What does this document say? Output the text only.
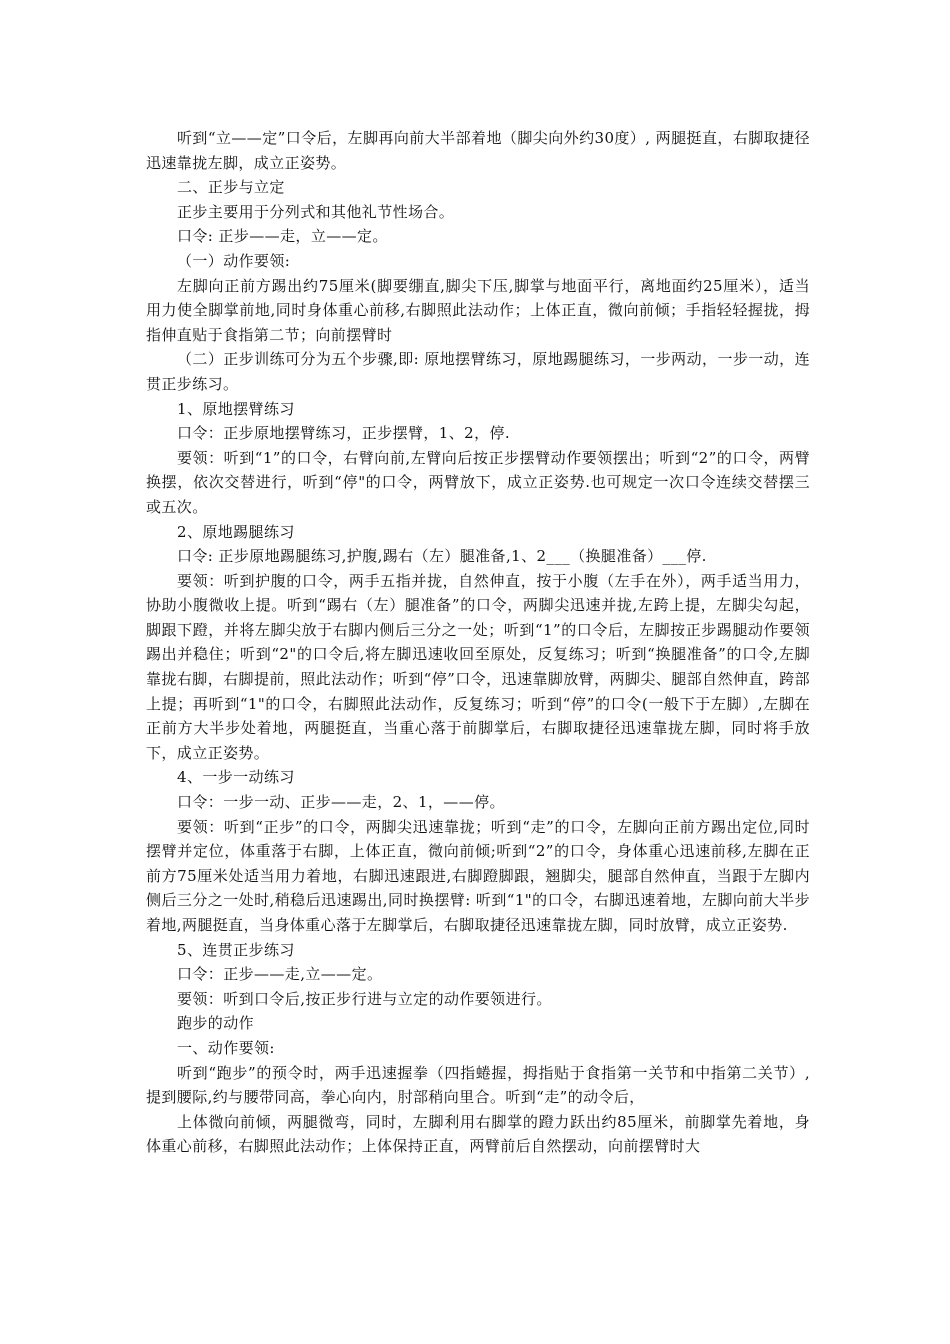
听到“立——定”口令后，左脚再向前大半部着地（脚尖向外约30度）, 两腿挺直，右脚取捷径迅速靠拢左脚，成立正姿势。

二、正步与立定

正步主要用于分列式和其他礼节性场合。

口令: 正步——走，立——定。

（一）动作要领:

左脚向正前方踢出约75厘米(脚要绷直,脚尖下压,脚掌与地面平行，离地面约25厘米），适当用力使全脚掌前地,同时身体重心前移,右脚照此法动作；上体正直，微向前倾；手指轻轻握拢，拇指伸直贴于食指第二节；向前摆臂时

（二）正步训练可分为五个步骤,即: 原地摆臂练习，原地踢腿练习，一步两动，一步一动，连贯正步练习。

1、原地摆臂练习

口令：正步原地摆臂练习，正步摆臂，1、2，停.

要领：听到“1”的口令，右臂向前,左臂向后按正步摆臂动作要领摆出；听到“2”的口令，两臂换摆，依次交替进行，听到“停"的口令，两臂放下，成立正姿势.也可规定一次口令连续交替摆三或五次。

2、原地踢腿练习

口令: 正步原地踢腿练习,护腹,踢右（左）腿准备,1、2___（换腿准备）___停.

要领：听到护腹的口令，两手五指并拢，自然伸直，按于小腹（左手在外），两手适当用力，协助小腹微收上提。听到“踢右（左）腿准备”的口令，两脚尖迅速并拢,左跨上提，左脚尖勾起，脚跟下蹬，并将左脚尖放于右脚内侧后三分之一处；听到“1”的口令后，左脚按正步踢腿动作要领踢出并稳住；听到“2"的口令后,将左脚迅速收回至原处，反复练习；听到“换腿准备”的口令,左脚靠拢右脚，右脚提前，照此法动作；听到“停”口令，迅速靠脚放臂，两脚尖、腿部自然伸直，跨部上提；再听到“1"的口令，右脚照此法动作，反复练习；听到“停”的口令(一般下于左脚）,左脚在正前方大半步处着地，两腿挺直，当重心落于前脚掌后，右脚取捷径迅速靠拢左脚，同时将手放下，成立正姿势。

4、一步一动练习

口令：一步一动、正步——走，2、1，——停。

要领：听到“正步”的口令，两脚尖迅速靠拢；听到“走”的口令，左脚向正前方踢出定位,同时摆臂并定位，体重落于右脚，上体正直，微向前倾;听到“2”的口令，身体重心迅速前移,左脚在正前方75厘米处适当用力着地，右脚迅速跟进,右脚蹬脚跟，翘脚尖，腿部自然伸直，当跟于左脚内侧后三分之一处时,稍稳后迅速踢出,同时换摆臂: 听到“1"的口令，右脚迅速着地，左脚向前大半步着地,两腿挺直，当身体重心落于左脚掌后，右脚取捷径迅速靠拢左脚，同时放臂，成立正姿势.

5、连贯正步练习

口令：正步——走,立——定。

要领：听到口令后,按正步行进与立定的动作要领进行。

跑步的动作

一、动作要领:

听到“跑步”的预令时，两手迅速握拳（四指蜷握，拇指贴于食指第一关节和中指第二关节）,提到腰际,约与腰带同高，拳心向内，肘部稍向里合。听到“走”的动令后，

上体微向前倾，两腿微弯，同时，左脚利用右脚掌的蹬力跃出约85厘米，前脚掌先着地，身体重心前移，右脚照此法动作；上体保持正直，两臂前后自然摆动，向前摆臂时大
